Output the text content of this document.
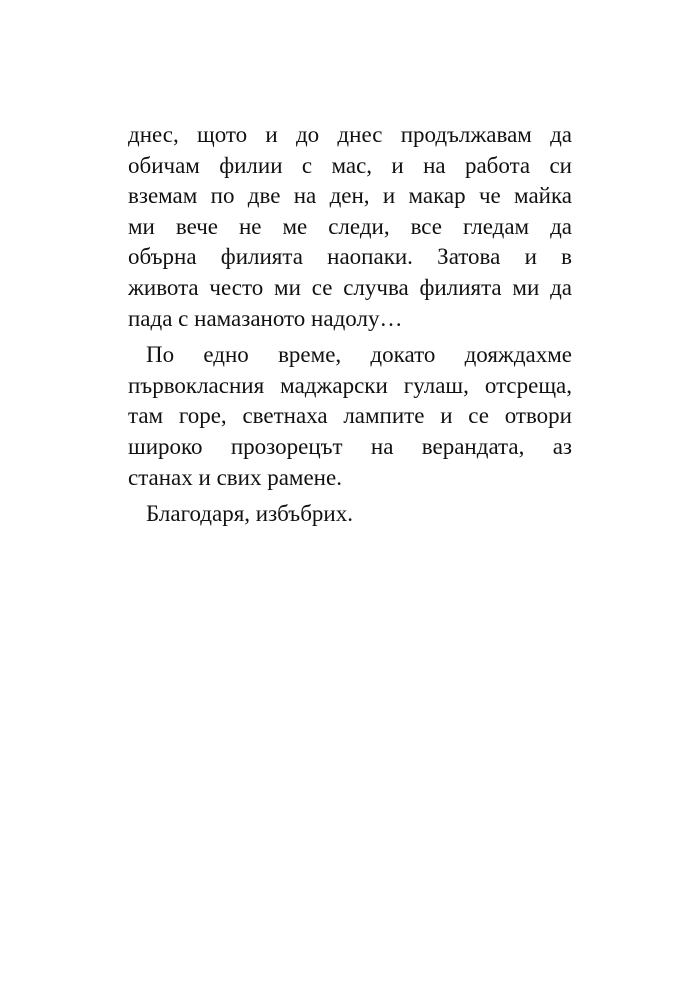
днес, щото и до днес продължавам да
обичам филии с мас, и на работа си
вземам по две на ден, и макар че майка
ми вече не ме следи, все гледам да
обърна филията наопаки. Затова и в
живота често ми се случва филията ми да
пада с намазаното надолу…

По едно време, докато дояждахме
първокласния маджарски гулаш, отсреща,
там горе, светнаха лампите и се отвори
широко прозорецът на верандата, аз
станах и свих рамене.

Благодаря, избъбрих.
